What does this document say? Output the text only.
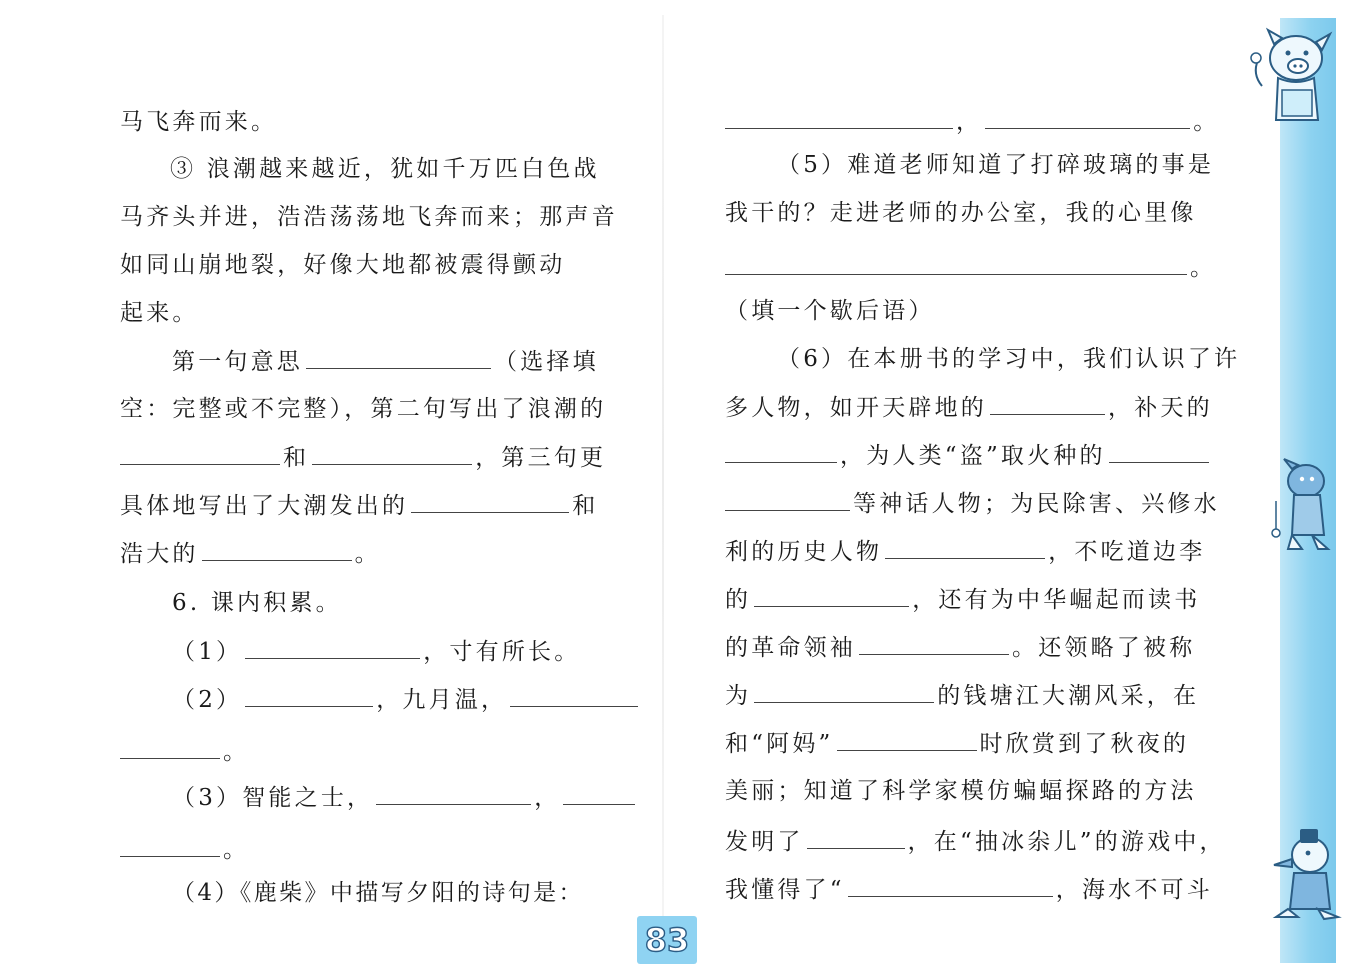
马飞奔而来。
③ 浪潮越来越近，犹如千万匹白色战
马齐头并进，浩浩荡荡地飞奔而来；那声音
如同山崩地裂，好像大地都被震得颤动
起来。
第一句意思	（选择填
空：完整或不完整），第二句写出了浪潮的
和	，第三句更
具体地写出了大潮发出的	和
浩大的	。
6. 课内积累。
（1）	，寸有所长。
（2）	，九月温，
。
（3）智能之士，	，
。
（4）《鹿柴》中描写夕阳的诗句是：
，	。
（5）难道老师知道了打碎玻璃的事是
我干的？走进老师的办公室，我的心里像
。
（填一个歇后语）
（6）在本册书的学习中，我们认识了许
多人物，如开天辟地的	，补天的
，为人类“盗”取火种的
等神话人物；为民除害、兴修水
利的历史人物	，不吃道边李
的	，还有为中华崛起而读书
的革命领袖	。还领略了被称
为	的钱塘江大潮风采，在
和“阿妈”	时欣赏到了秋夜的
美丽；知道了科学家模仿蝙蝠探路的方法
发明了	，在“抽冰尜儿”的游戏中，
我懂得了“	，海水不可斗
83
